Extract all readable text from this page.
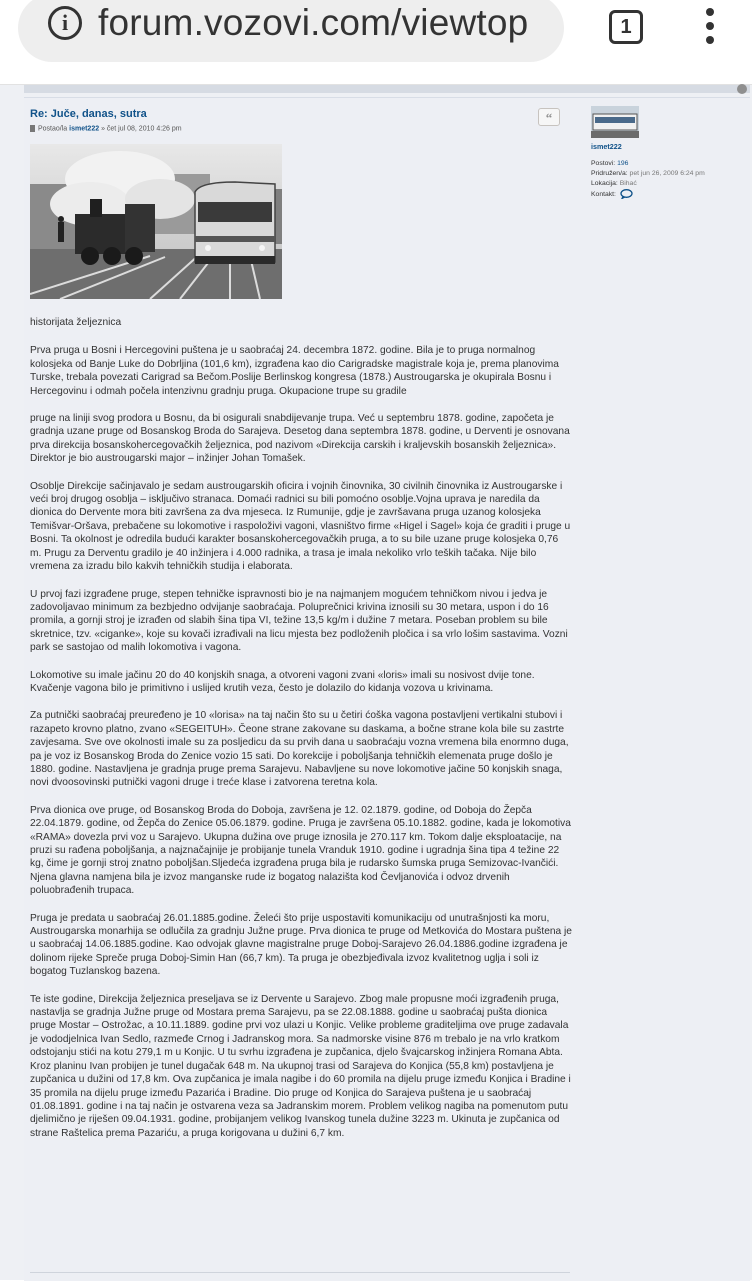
i forum.vozovi.com/viewtop	1
Re: Juče, danas, sutra
Postao/la ismet222 » čet jul 08, 2010 4:26 pm
“

historijata željeznica

Prva pruga u Bosni i Hercegovini puštena je u saobraćaj 24. decembra 1872. godine. Bila je to pruga normalnog kolosjeka od Banje Luke do Dobrljina (101,6 km), izgrađena kao dio Carigradske magistrale koja je, prema planovima Turske, trebala povezati Carigrad sa Bečom.Poslije Berlinskog kongresa (1878.) Austrougarska je okupirala Bosnu i Hercegovinu i odmah počela intenzivnu gradnju pruga. Okupacione trupe su gradile

pruge na liniji svog prodora u Bosnu, da bi osigurali snabdijevanje trupa. Već u septembru 1878. godine, započeta je gradnja uzane pruge od Bosanskog Broda do Sarajeva. Desetog dana septembra 1878. godine, u Derventi je osnovana prva direkcija bosanskohercegovačkih željeznica, pod nazivom «Direkcija carskih i kraljevskih bosanskih željeznica». Direktor je bio austrougarski major – inžinjer Johan Tomašek.

Osoblje Direkcije sačinjavalo je sedam austrougarskih oficira i vojnih činovnika, 30 civilnih činovnika iz Austrougarske i veći broj drugog osoblja – isključivo stranaca. Domaći radnici su bili pomoćno osoblje.Vojna uprava je naredila da dionica do Dervente mora biti završena za dva mjeseca. Iz Rumunije, gdje je završavana pruga uzanog kolosjeka Temišvar-Oršava, prebačene su lokomotive i raspoloživi vagoni, vlasništvo firme «Higel i Sagel» koja će graditi i pruge u Bosni. Ta okolnost je odredila budući karakter bosanskohercegovačkih pruga, a to su bile uzane pruge kolosjeka 0,76 m. Prugu za Derventu gradilo je 40 inžinjera i 4.000 radnika, a trasa je imala nekoliko vrlo teških tačaka. Nije bilo vremena za izradu bilo kakvih tehničkih studija i elaborata.

U prvoj fazi izgrađene pruge, stepen tehničke ispravnosti bio je na najmanjem mogućem tehničkom nivou i jedva je zadovoljavao minimum za bezbjedno odvijanje saobraćaja. Poluprečnici krivina iznosili su 30 metara, uspon i do 16 promila, a gornji stroj je izrađen od slabih šina tipa VI, težine 13,5 kg/m i dužine 7 metara. Poseban problem su bile skretnice, tzv. «ciganke», koje su kovači izrađivali na licu mjesta bez podloženih pločica i sa vrlo lošim sastavima. Vozni park se sastojao od malih lokomotiva i vagona.

Lokomotive su imale jačinu 20 do 40 konjskih snaga, a otvoreni vagoni zvani «loris» imali su nosivost dvije tone. Kvačenje vagona bilo je primitivno i uslijed krutih veza, često je dolazilo do kidanja vozova u krivinama.

Za putnički saobraćaj preuređeno je 10 «lorisa» na taj način što su u četiri ćoška vagona postavljeni vertikalni stubovi i razapeto krovno platno, zvano «SEGEITUH». Čeone strane zakovane su daskama, a bočne strane kola bile su zastrte zavjesama. Sve ove okolnosti imale su za posljedicu da su prvih dana u saobraćaju vozna vremena bila enormno duga, pa je voz iz Bosanskog Broda do Zenice vozio 15 sati. Do korekcije i poboljšanja tehničkih elemenata pruge došlo je 1880. godine. Nastavljena je gradnja pruge prema Sarajevu. Nabavljene su nove lokomotive jačine 50 konjskih snaga, novi dvoosovinski putnički vagoni druge i treće klase i zatvorena teretna kola.

Prva dionica ove pruge, od Bosanskog Broda do Doboja, završena je 12. 02.1879. godine, od Doboja do Žepča 22.04.1879. godine, od Žepča do Zenice 05.06.1879. godine. Pruga je završena 05.10.1882. godine, kada je lokomotiva «RAMA» dovezla prvi voz u Sarajevo. Ukupna dužina ove pruge iznosila je 270.117 km. Tokom dalje eksploatacije, na pruzi su rađena poboljšanja, a najznačajnije je probijanje tunela Vranduk 1910. godine i ugradnja šina tipa 4 težine 22 kg, čime je gornji stroj znatno poboljšan.Sljedeća izgrađena pruga bila je rudarsko šumska pruga Semizovac-Ivančići. Njena glavna namjena bila je izvoz manganske rude iz bogatog nalazišta kod Čevljanovića i odvoz drvenih poluobrađenih trupaca.

Pruga je predata u saobraćaj 26.01.1885.godine. Želeći što prije uspostaviti komunikaciju od unutrašnjosti ka moru, Austrougarska monarhija se odlučila za gradnju Južne pruge. Prva dionica te pruge od Metkovića do Mostara puštena je u saobraćaj 14.06.1885.godine. Kao odvojak glavne magistralne pruge Doboj-Sarajevo 26.04.1886.godine izgrađena je dolinom rijeke Spreče pruga Doboj-Simin Han (66,7 km). Ta pruga je obezbjeđivala izvoz kvalitetnog uglja i soli iz bogatog Tuzlanskog bazena.

Te iste godine, Direkcija željeznica preseljava se iz Dervente u Sarajevo. Zbog male propusne moći izgrađenih pruga, nastavlja se gradnja Južne pruge od Mostara prema Sarajevu, pa se 22.08.1888. godine u saobraćaj puštа dionica pruge Mostar – Ostrožac, a 10.11.1889. godine prvi voz ulazi u Konjic. Velike probleme graditeljima ove pruge zadavala je vododjelnica Ivan Sedlo, razmeđe Crnog i Jadranskog mora. Sa nadmorske visine 876 m trebalo je na vrlo kratkom odstojanju stići na kotu 279,1 m u Konjic. U tu svrhu izgrađena je zupčanica, djelo švajcarskog inžinjera Romana Abta. Kroz planinu Ivan probijen je tunel dugačak 648 m. Na ukupnoj trasi od Sarajeva do Konjica (55,8 km) postavljena je zupčanica u dužini od 17,8 km. Ova zupčanica je imala nagibe i do 60 promila na dijelu pruge između Konjica i Bradine i 35 promila na dijelu pruge između Pazarića i Bradine. Dio pruge od Konjica do Sarajeva puštena je u saobraćaj 01.08.1891. godine i na taj način je ostvarena veza sa Jadranskim morem. Problem velikog nagiba na pomenutom putu djelimično je riješen 09.04.1931. godine, probijanjem velikog Ivanskog tunela dužine 3223 m. Ukinuta je zupčanica od strane Raštelica prema Pazariću, a pruga korigovana u dužini 6,7 km.

ismet222
Postovi: 196
Pridružen/a: pet jun 26, 2009 6:24 pm
Lokacija: Bihać
Kontakt:
